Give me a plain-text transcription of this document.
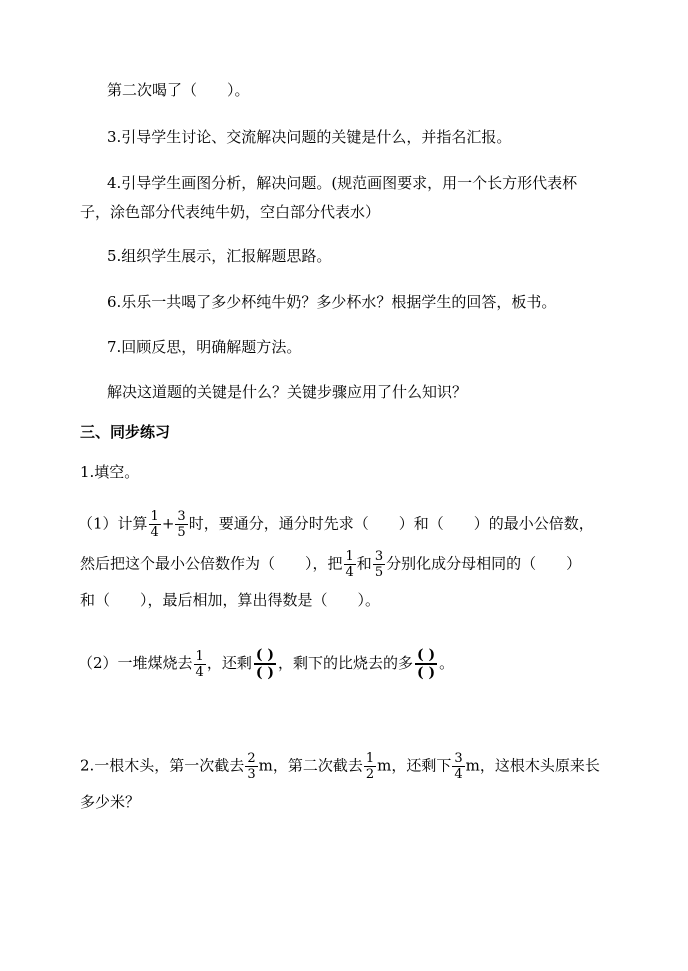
第二次喝了（　　）。
3.引导学生讨论、交流解决问题的关键是什么，并指名汇报。
4.引导学生画图分析，解决问题。(规范画图要求，用一个长方形代表杯
子，涂色部分代表纯牛奶，空白部分代表水）
5.组织学生展示，汇报解题思路。
6.乐乐一共喝了多少杯纯牛奶？多少杯水？根据学生的回答，板书。
7.回顾反思，明确解题方法。
解决这道题的关键是什么？关键步骤应用了什么知识？
三、同步练习
1.填空。
（1）计算 $\frac{1}{4} + \frac{3}{5}$ 时，要通分，通分时先求（　　）和（　　）的最小公倍数，
然后把这个最小公倍数作为（　　），把 $\frac{1}{4}$ 和 $\frac{3}{5}$ 分别化成分母相同的（　　）
和（　　），最后相加，算出得数是（　　）。
（2）一堆煤烧去 $\frac{1}{4}$ ，还剩 $\frac{( )}{( )}$ ，剩下的比烧去的多 $\frac{( )}{( )}$ 。
2.一根木头，第一次截去 $\frac{2}{3}$ m，第二次截去 $\frac{1}{2}$ m，还剩下 $\frac{3}{4}$ m，这根木头原来长
多少米？
